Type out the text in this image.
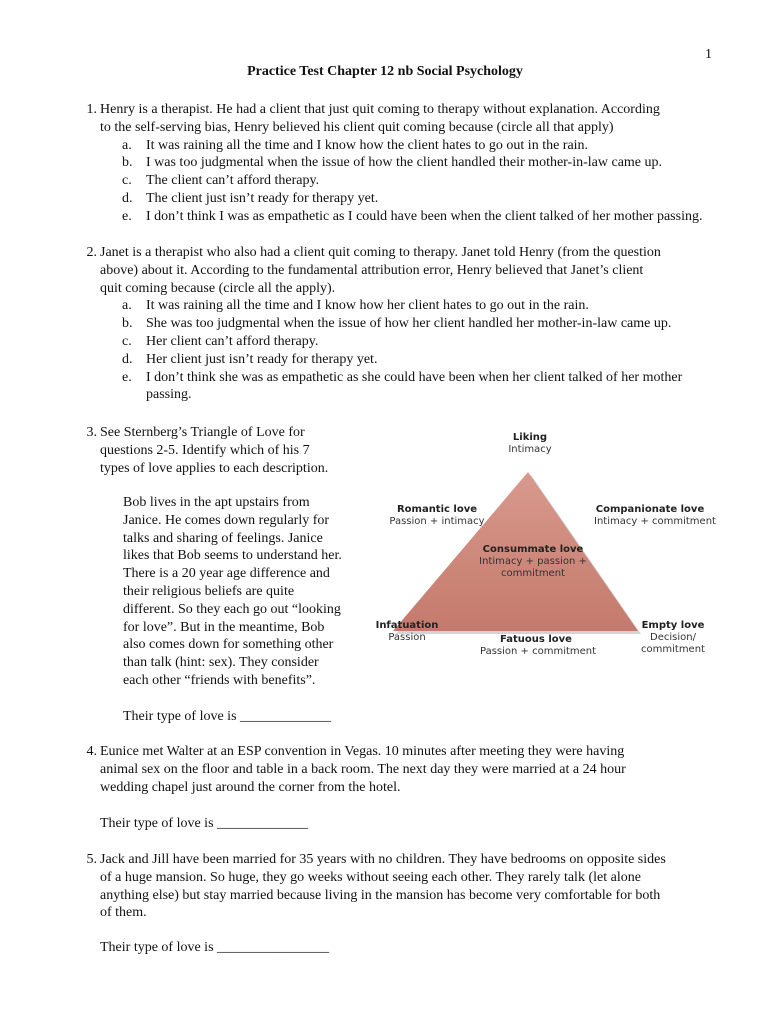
1
Practice Test Chapter 12 nb Social Psychology
1. Henry is a therapist. He had a client that just quit coming to therapy without explanation. According
to the self-serving bias, Henry believed his client quit coming because (circle all that apply)
a. It was raining all the time and I know how the client hates to go out in the rain.
b. I was too judgmental when the issue of how the client handled their mother-in-law came up.
c. The client can’t afford therapy.
d. The client just isn’t ready for therapy yet.
e. I don’t think I was as empathetic as I could have been when the client talked of her mother passing.
2. Janet is a therapist who also had a client quit coming to therapy. Janet told Henry (from the question
above) about it. According to the fundamental attribution error, Henry believed that Janet’s client
quit coming because (circle all the apply).
a. It was raining all the time and I know how her client hates to go out in the rain.
b. She was too judgmental when the issue of how her client handled her mother-in-law came up.
c. Her client can’t afford therapy.
d. Her client just isn’t ready for therapy yet.
e. I don’t think she was as empathetic as she could have been when her client talked of her mother passing.
3. See Sternberg’s Triangle of Love for
questions 2-5. Identify which of his 7
types of love applies to each description.
Bob lives in the apt upstairs from
Janice. He comes down regularly for
talks and sharing of feelings. Janice
likes that Bob seems to understand her.
There is a 20 year age difference and
their religious beliefs are quite
different. So they each go out “looking
for love”. But in the meantime, Bob
also comes down for something other
than talk (hint: sex). They consider
each other “friends with benefits”.
Their type of love is _____________
Liking
Intimacy
Romantic love
Passion + intimacy
Companionate love
Intimacy + commitment
Consummate love
Intimacy + passion +
commitment
Infatuation
Passion	Fatuous love
Passion + commitment
Empty love
Decision/
commitment
4. Eunice met Walter at an ESP convention in Vegas. 10 minutes after meeting they were having
animal sex on the floor and table in a back room. The next day they were married at a 24 hour
wedding chapel just around the corner from the hotel.
Their type of love is _____________
5. Jack and Jill have been married for 35 years with no children. They have bedrooms on opposite sides
of a huge mansion. So huge, they go weeks without seeing each other. They rarely talk (let alone
anything else) but stay married because living in the mansion has become very comfortable for both
of them.
Their type of love is ________________
